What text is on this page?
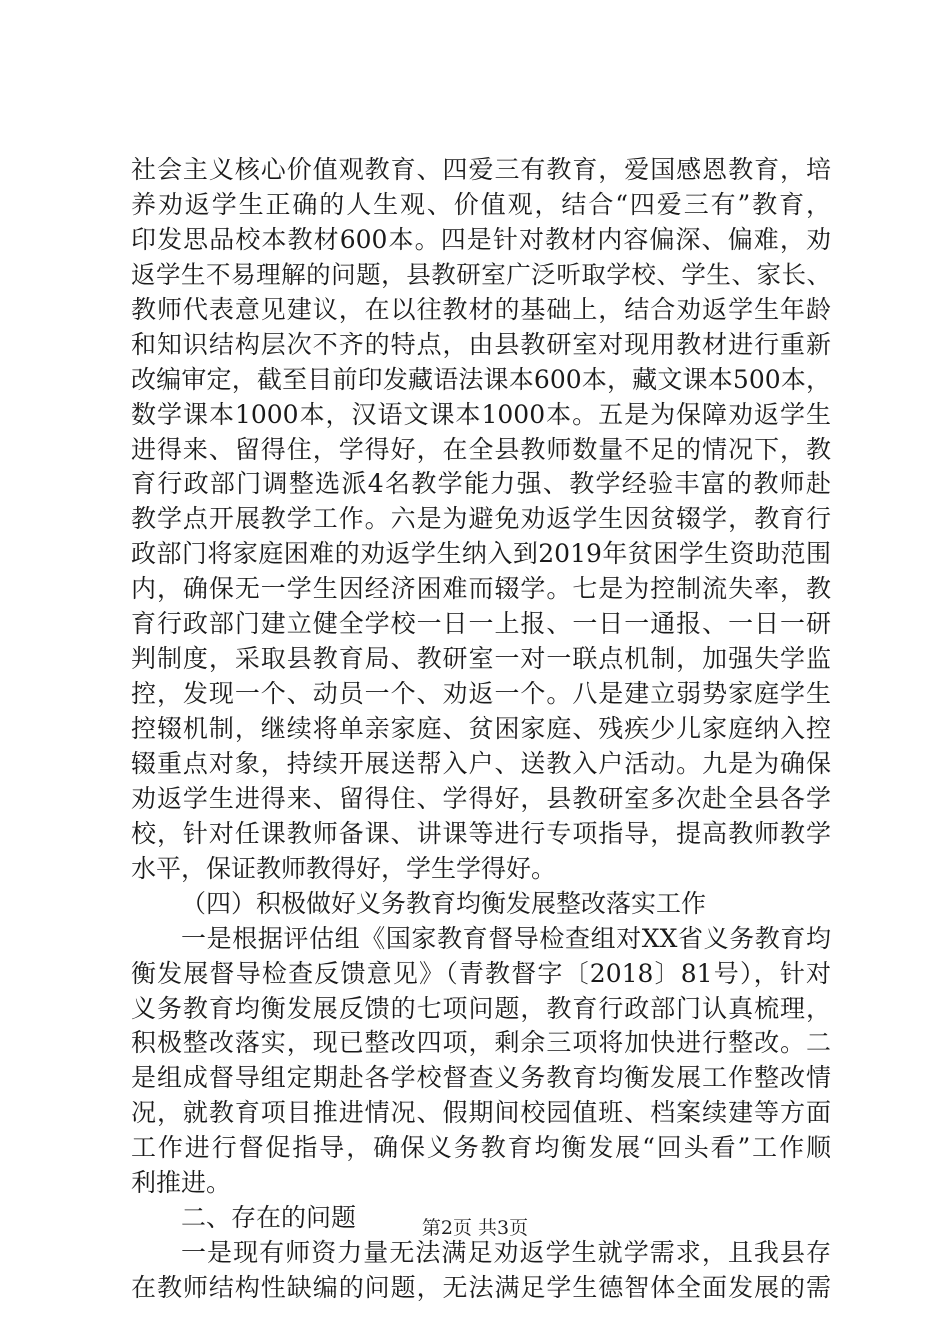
社会主义核心价值观教育、四爱三有教育，爱国感恩教育，培
养劝返学生正确的人生观、价值观，结合“四爱三有”教育，
印发思品校本教材600本。四是针对教材内容偏深、偏难，劝
返学生不易理解的问题，县教研室广泛听取学校、学生、家长、
教师代表意见建议，在以往教材的基础上，结合劝返学生年龄
和知识结构层次不齐的特点，由县教研室对现用教材进行重新
改编审定，截至目前印发藏语法课本600本，藏文课本500本，
数学课本1000本，汉语文课本1000本。五是为保障劝返学生
进得来、留得住，学得好，在全县教师数量不足的情况下，教
育行政部门调整选派4名教学能力强、教学经验丰富的教师赴
教学点开展教学工作。六是为避免劝返学生因贫辍学，教育行
政部门将家庭困难的劝返学生纳入到2019年贫困学生资助范围
内，确保无一学生因经济困难而辍学。七是为控制流失率，教
育行政部门建立健全学校一日一上报、一日一通报、一日一研
判制度，采取县教育局、教研室一对一联点机制，加强失学监
控，发现一个、动员一个、劝返一个。八是建立弱势家庭学生
控辍机制，继续将单亲家庭、贫困家庭、残疾少儿家庭纳入控
辍重点对象，持续开展送帮入户、送教入户活动。九是为确保
劝返学生进得来、留得住、学得好，县教研室多次赴全县各学
校，针对任课教师备课、讲课等进行专项指导，提高教师教学
水平，保证教师教得好，学生学得好。
（四）积极做好义务教育均衡发展整改落实工作
一是根据评估组《国家教育督导检查组对XX省义务教育均
衡发展督导检查反馈意见》（青教督字〔2018〕81号），针对
义务教育均衡发展反馈的七项问题，教育行政部门认真梳理，
积极整改落实，现已整改四项，剩余三项将加快进行整改。二
是组成督导组定期赴各学校督查义务教育均衡发展工作整改情
况，就教育项目推进情况、假期间校园值班、档案续建等方面
工作进行督促指导，确保义务教育均衡发展“回头看”工作顺
利推进。
二、存在的问题
一是现有师资力量无法满足劝返学生就学需求，且我县存
在教师结构性缺编的问题，无法满足学生德智体全面发展的需
第2页 共3页
